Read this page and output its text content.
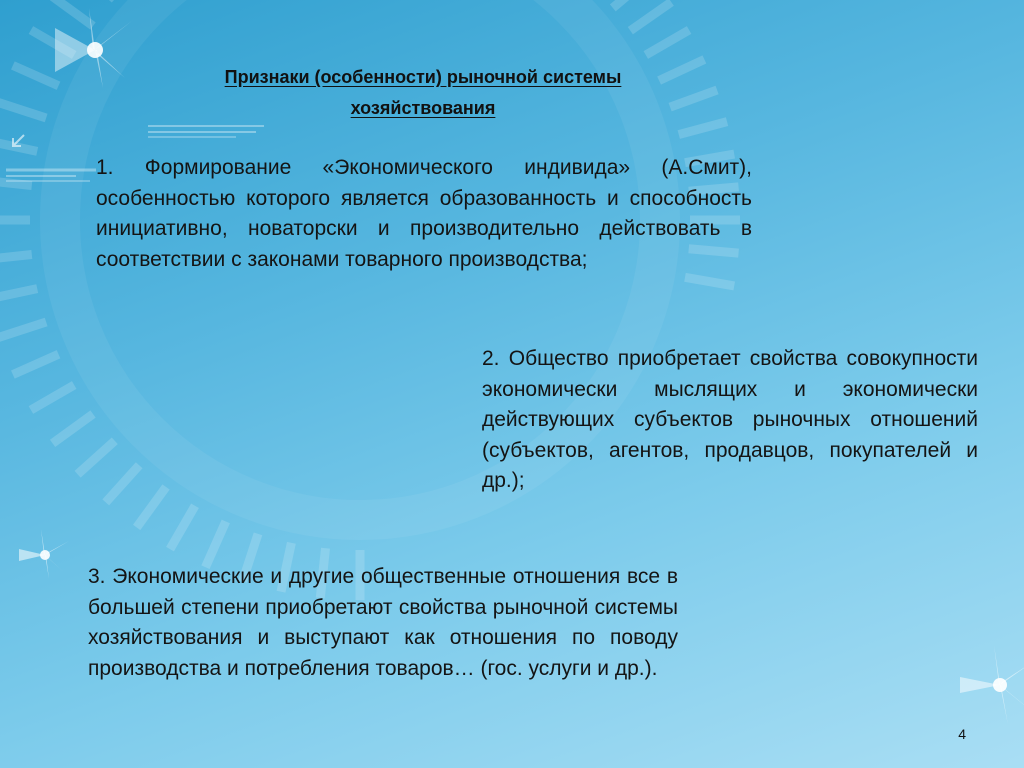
Признаки (особенности) рыночной системы
хозяйствования

1. Формирование «Экономического индивида» (А.Смит), особенностью которого является образованность и способность инициативно, новаторски и производительно действовать в соответствии с законами товарного производства;

2. Общество приобретает свойства совокупности экономически мыслящих и экономически действующих субъектов рыночных отношений (субъектов, агентов, продавцов, покупателей и др.);

3. Экономические и другие общественные отношения все в большей степени приобретают свойства рыночной системы хозяйствования и выступают как отношения по поводу производства и потребления товаров… (гос. услуги и др.).

4
